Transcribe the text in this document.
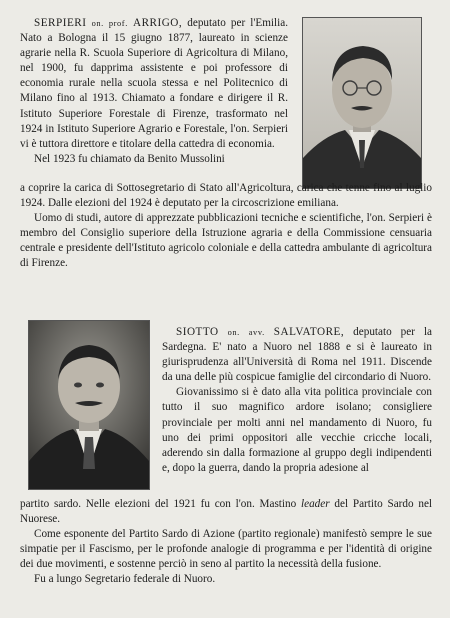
SERPIERI on. prof. ARRIGO, deputato per l'Emilia. Nato a Bologna il 15 giugno 1877, laureato in scienze agrarie nella R. Scuola Superiore di Agricoltura di Milano, nel 1900, fu dapprima assistente e poi professore di economia rurale nella scuola stessa e nel Politecnico di Milano fino al 1913. Chiamato a fondare e dirigere il R. Istituto Superiore Forestale di Firenze, trasformato nel 1924 in Istituto Superiore Agrario e Forestale, l'on. Serpieri vi è tuttora direttore e titolare della cattedra di economia.

Nel 1923 fu chiamato da Benito Mussolini

a coprire la carica di Sottosegretario di Stato all'Agricoltura, carica che tenne fino al luglio 1924. Dalle elezioni del 1924 è deputato per la circoscrizione emiliana.

Uomo di studi, autore di apprezzate pubblicazioni tecniche e scientifiche, l'on. Serpieri è membro del Consiglio superiore della Istruzione agraria e della Commissione censuaria centrale e presidente dell'Istituto agricolo coloniale e della cattedra ambulante di agricoltura di Firenze.

SIOTTO on. avv. SALVATORE, deputato per la Sardegna. E' nato a Nuoro nel 1888 e si è laureato in giurisprudenza all'Università di Roma nel 1911. Discende da una delle più cospicue famiglie del circondario di Nuoro.

Giovanissimo si è dato alla vita politica provinciale con tutto il suo magnifico ardore isolano; consigliere provinciale per molti anni nel mandamento di Nuoro, fu uno dei primi oppositori alle vecchie cricche locali, aderendo sin dalla formazione al gruppo degli indipendenti e, dopo la guerra, dando la propria adesione al

partito sardo. Nelle elezioni del 1921 fu con l'on. Mastino leader del Partito Sardo nel Nuorese.

Come esponente del Partito Sardo di Azione (partito regionale) manifestò sempre le sue simpatie per il Fascismo, per le profonde analogie di programma e per l'identità di origine dei due movimenti, e sostenne perciò in seno al partito la necessità della fusione.

Fu a lungo Segretario federale di Nuoro.
